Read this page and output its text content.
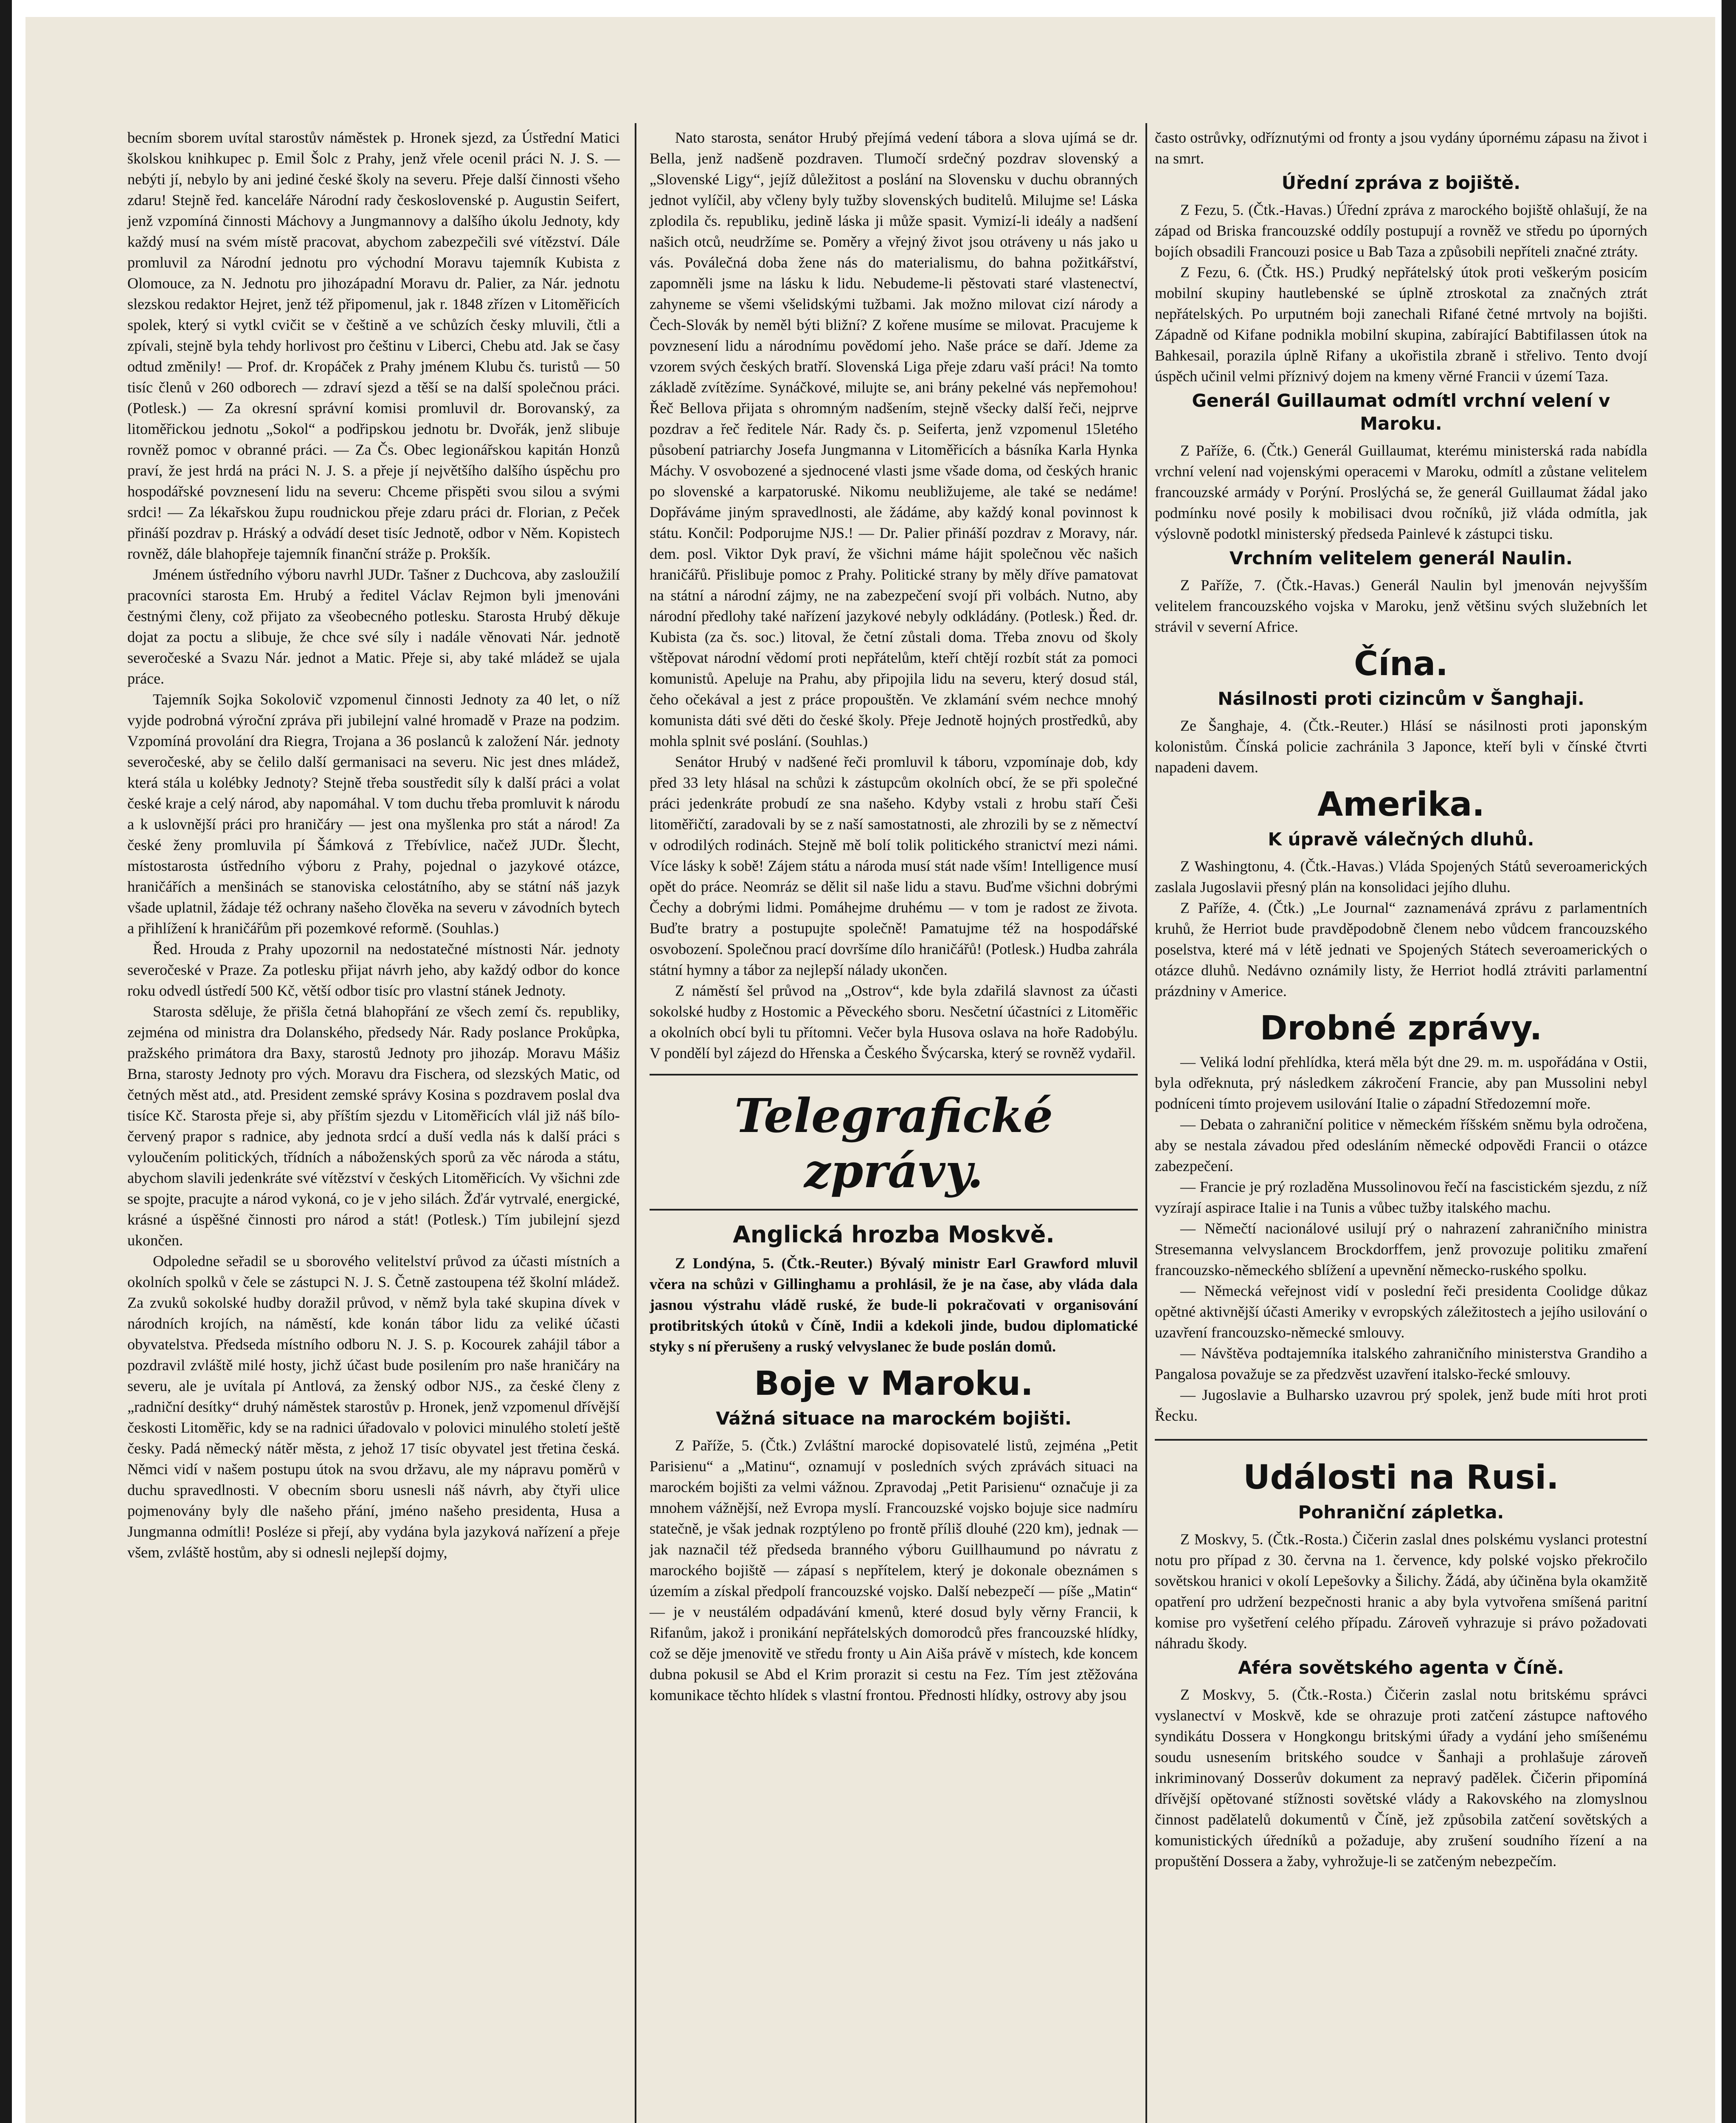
becním sborem uvítal starostův náměstek p. Hronek sjezd, za Ústřední Matici školskou knihkupec p. Emil Šolc z Prahy, jenž vřele ocenil práci N. J. S. — nebýti jí, nebylo by ani jediné české školy na severu. Přeje další činnosti všeho zdaru! Stejně řed. kanceláře Národní rady československé p. Augustin Seifert, jenž vzpomíná činnosti Máchovy a Jungmannovy a dalšího úkolu Jednoty, kdy každý musí na svém místě pracovat, abychom zabezpečili své vítězství. Dále promluvil za Národní jednotu pro východní Moravu tajemník Kubista z Olomouce, za N. Jednotu pro jihozápadní Moravu dr. Palier, za Nár. jednotu slezskou redaktor Hejret, jenž též připomenul, jak r. 1848 zřízen v Litoměřicích spolek, který si vytkl cvičit se v češtině a ve schůzích česky mluvili, čtli a zpívali, stejně byla tehdy horlivost pro češtinu v Liberci, Chebu atd. Jak se časy odtud změnily! — Prof. dr. Kropáček z Prahy jménem Klubu čs. turistů — 50 tisíc členů v 260 odborech — zdraví sjezd a těší se na další společnou práci. (Potlesk.) — Za okresní správní komisi promluvil dr. Borovanský, za litoměřickou jednotu „Sokol“ a podřipskou jednotu br. Dvořák, jenž slibuje rovněž pomoc v obranné práci. — Za Čs. Obec legionářskou kapitán Honzů praví, že jest hrdá na práci N. J. S. a přeje jí největšího dalšího úspěchu pro hospodářské povznesení lidu na severu: Chceme přispěti svou silou a svými srdci! — Za lékařskou župu roudnickou přeje zdaru práci dr. Florian, z Peček přináší pozdrav p. Hráský a odvádí deset tisíc Jednotě, odbor v Něm. Kopistech rovněž, dále blahopřeje tajemník finanční stráže p. Prokšík.

Jménem ústředního výboru navrhl JUDr. Tašner z Duchcova, aby zasloužilí pracovníci starosta Em. Hrubý a ředitel Václav Rejmon byli jmenováni čestnými členy, což přijato za všeobecného potlesku. Starosta Hrubý děkuje dojat za poctu a slibuje, že chce své síly i nadále věnovati Nár. jednotě severočeské a Svazu Nár. jednot a Matic. Přeje si, aby také mládež se ujala práce.

Tajemník Sojka Sokolovič vzpomenul činnosti Jednoty za 40 let, o níž vyjde podrobná výroční zpráva při jubilejní valné hromadě v Praze na podzim. Vzpomíná provolání dra Riegra, Trojana a 36 poslanců k založení Nár. jednoty severočeské, aby se čelilo další germanisaci na severu. Nic jest dnes mládež, která stála u kolébky Jednoty? Stejně třeba soustředit síly k další práci a volat české kraje a celý národ, aby napomáhal. V tom duchu třeba promluvit k národu a k uslovnější práci pro hraničáry — jest ona myšlenka pro stát a národ! Za české ženy promluvila pí Šámková z Třebívlice, načež JUDr. Šlecht, místostarosta ústředního výboru z Prahy, pojednal o jazykové otázce, hraničářích a menšinách se stanoviska celostátního, aby se státní náš jazyk všade uplatnil, žádaje též ochrany našeho člověka na severu v závodních bytech a přihlížení k hraničářům při pozemkové reformě. (Souhlas.)

Řed. Hrouda z Prahy upozornil na nedostatečné místnosti Nár. jednoty severočeské v Praze. Za potlesku přijat návrh jeho, aby každý odbor do konce roku odvedl ústředí 500 Kč, větší odbor tisíc pro vlastní stánek Jednoty.

Starosta sděluje, že přišla četná blahopřání ze všech zemí čs. republiky, zejména od ministra dra Dolanského, předsedy Nár. Rady poslance Prokůpka, pražského primátora dra Baxy, starostů Jednoty pro jihozáp. Moravu Mášiz Brna, starosty Jednoty pro vých. Moravu dra Fischera, od slezských Matic, od četných měst atd., atd. President zemské správy Kosina s pozdravem poslal dva tisíce Kč. Starosta přeje si, aby příštím sjezdu v Litoměřicích vlál již náš bílo-červený prapor s radnice, aby jednota srdcí a duší vedla nás k další práci s vyloučením politických, třídních a náboženských sporů za věc národa a státu, abychom slavili jedenkráte své vítězství v českých Litoměřicích. Vy všichni zde se spojte, pracujte a národ vykoná, co je v jeho silách. Žďár vytrvalé, energické, krásné a úspěšné činnosti pro národ a stát! (Potlesk.) Tím jubilejní sjezd ukončen.

Odpoledne seřadil se u sborového velitelství průvod za účasti místních a okolních spolků v čele se zástupci N. J. S. Četně zastoupena též školní mládež. Za zvuků sokolské hudby doražil průvod, v němž byla také skupina dívek v národních krojích, na náměstí, kde konán tábor lidu za veliké účasti obyvatelstva. Předseda místního odboru N. J. S. p. Kocourek zahájil tábor a pozdravil zvláště milé hosty, jichž účast bude posilením pro naše hraničáry na severu, ale je uvítala pí Antlová, za ženský odbor NJS., za české členy z „radniční desítky“ druhý náměstek starostův p. Hronek, jenž vzpomenul dřívější českosti Litoměřic, kdy se na radnici úřadovalo v polovici minulého století ještě česky. Padá německý nátěr města, z jehož 17 tisíc obyvatel jest třetina česká. Němci vidí v našem postupu útok na svou državu, ale my nápravu poměrů v duchu spravedlnosti. V obecním sboru usnesli náš návrh, aby čtyři ulice pojmenovány byly dle našeho přání, jméno našeho presidenta, Husa a Jungmanna odmítli! Posléze si přejí, aby vydána byla jazyková nařízení a přeje všem, zvláště hostům, aby si odnesli nejlepší dojmy,

Nato starosta, senátor Hrubý přejímá vedení tábora a slova ujímá se dr. Bella, jenž nadšeně pozdraven. Tlumočí srdečný pozdrav slovenský a „Slovenské Ligy“, jejíž důležitost a poslání na Slovensku v duchu obranných jednot vylíčil, aby včleny byly tužby slovenských buditelů. Milujme se! Láska zplodila čs. republiku, jedině láska ji může spasit. Vymizí-li ideály a nadšení našich otců, neudržíme se. Poměry a vřejný život jsou otráveny u nás jako u vás. Poválečná doba žene nás do materialismu, do bahna požitkářství, zapomněli jsme na lásku k lidu. Nebudeme-li pěstovati staré vlastenectví, zahyneme se všemi všelidskými tužbami. Jak možno milovat cizí národy a Čech-Slovák by neměl býti bližní? Z kořene musíme se milovat. Pracujeme k povznesení lidu a národnímu povědomí jeho. Naše práce se daří. Jdeme za vzorem svých českých bratří. Slovenská Liga přeje zdaru vaší práci! Na tomto základě zvítězíme. Synáčkové, milujte se, ani brány pekelné vás nepřemohou! Řeč Bellova přijata s ohromným nadšením, stejně všecky další řeči, nejprve pozdrav a řeč ředitele Nár. Rady čs. p. Seiferta, jenž vzpomenul 15letého působení patriarchy Josefa Jungmanna v Litoměřicích a básníka Karla Hynka Máchy. V osvobozené a sjednocené vlasti jsme všade doma, od českých hranic po slovenské a karpatoruské. Nikomu neubližujeme, ale také se nedáme! Dopřáváme jiným spravedlnosti, ale žádáme, aby každý konal povinnost k státu. Končil: Podporujme NJS.! — Dr. Palier přináší pozdrav z Moravy, nár. dem. posl. Viktor Dyk praví, že všichni máme hájit společnou věc našich hraničářů. Přislibuje pomoc z Prahy. Politické strany by měly dříve pamatovat na státní a národní zájmy, ne na zabezpečení svojí při volbách. Nutno, aby národní předlohy také nařízení jazykové nebyly odkládány. (Potlesk.) Řed. dr. Kubista (za čs. soc.) litoval, že četní zůstali doma. Třeba znovu od školy vštěpovat národní vědomí proti nepřátelům, kteří chtějí rozbít stát za pomoci komunistů. Apeluje na Prahu, aby připojila lidu na severu, který dosud stál, čeho očekával a jest z práce propouštěn. Ve zklamání svém nechce mnohý komunista dáti své děti do české školy. Přeje Jednotě hojných prostředků, aby mohla splnit své poslání. (Souhlas.)

Senátor Hrubý v nadšené řeči promluvil k táboru, vzpomínaje dob, kdy před 33 lety hlásal na schůzi k zástupcům okolních obcí, že se při společné práci jedenkráte probudí ze sna našeho. Kdyby vstali z hrobu staří Češi litoměřičtí, zaradovali by se z naší samostatnosti, ale zhrozili by se z němectví v odrodilých rodinách. Stejně mě bolí tolik politického stranictví mezi námi. Více lásky k sobě! Zájem státu a národa musí stát nade vším! Intelligence musí opět do práce. Neomráz se dělit sil naše lidu a stavu. Buďme všichni dobrými Čechy a dobrými lidmi. Pomáhejme druhému — v tom je radost ze života. Buďte bratry a postupujte společně! Pamatujme též na hospodářské osvobození. Společnou prací dovršíme dílo hraničářů! (Potlesk.) Hudba zahrála státní hymny a tábor za nejlepší nálady ukončen.

Z náměstí šel průvod na „Ostrov“, kde byla zdařilá slavnost za účasti sokolské hudby z Hostomic a Pěveckého sboru. Nesčetní účastníci z Litoměřic a okolních obcí byli tu přítomni. Večer byla Husova oslava na hoře Radobýlu. V pondělí byl zájezd do Hřenska a Českého Švýcarska, který se rovněž vydařil.

Telegrafické zprávy.
Anglická hrozba Moskvě.

Z Londýna, 5. (Čtk.-Reuter.) Bývalý ministr Earl Grawford mluvil včera na schůzi v Gillinghamu a prohlásil, že je na čase, aby vláda dala jasnou výstrahu vládě ruské, že bude-li pokračovati v organisování protibritských útoků v Číně, Indii a kdekoli jinde, budou diplomatické styky s ní přerušeny a ruský velvyslanec že bude poslán domů.

Boje v Maroku.
Vážná situace na marockém bojišti.

Z Paříže, 5. (Čtk.) Zvláštní marocké dopisovatelé listů, zejména „Petit Parisienu“ a „Matinu“, oznamují v posledních svých zprávách situaci na marockém bojišti za velmi vážnou. Zpravodaj „Petit Parisienu“ označuje ji za mnohem vážnější, než Evropa myslí. Francouzské vojsko bojuje sice nadmíru statečně, je však jednak rozptýleno po frontě příliš dlouhé (220 km), jednak — jak naznačil též předseda branného výboru Guillhaumund po návratu z marockého bojiště — zápasí s nepřítelem, který je dokonale obeznámen s územím a získal předpolí francouzské vojsko. Další nebezpečí — píše „Matin“ — je v neustálém odpadávání kmenů, které dosud byly věrny Francii, k Rifanům, jakož i pronikání nepřátelských domorodců přes francouzské hlídky, což se děje jmenovitě ve středu fronty u Ain Aiša právě v místech, kde koncem dubna pokusil se Abd el Krim prorazit si cestu na Fez. Tím jest ztěžována komunikace těchto hlídek s vlastní frontou. Přednosti hlídky, ostrovy aby jsou

často ostrůvky, odříznutými od fronty a jsou vydány úpornému zápasu na život i na smrt.

Úřední zpráva z bojiště.

Z Fezu, 5. (Čtk.-Havas.) Úřední zpráva z marockého bojiště ohlašují, že na západ od Briska francouzské oddíly postupují a rovněž ve středu po úporných bojích obsadili Francouzi posice u Bab Taza a způsobili nepříteli značné ztráty.

Z Fezu, 6. (Čtk. HS.) Prudký nepřátelský útok proti veškerým posicím mobilní skupiny hautlebenské se úplně ztroskotal za značných ztrát nepřátelských. Po urputném boji zanechali Rifané četné mrtvoly na bojišti. Západně od Kifane podnikla mobilní skupina, zabírající Babtifilassen útok na Bahkesail, porazila úplně Rifany a ukořistila zbraně i střelivo. Tento dvojí úspěch učinil velmi příznivý dojem na kmeny věrné Francii v území Taza.

Generál Guillaumat odmítl vrchní velení v Maroku.

Z Paříže, 6. (Čtk.) Generál Guillaumat, kterému ministerská rada nabídla vrchní velení nad vojenskými operacemi v Maroku, odmítl a zůstane velitelem francouzské armády v Porýní. Proslýchá se, že generál Guillaumat žádal jako podmínku nové posily k mobilisaci dvou ročníků, již vláda odmítla, jak výslovně podotkl ministerský předseda Painlevé k zástupci tisku.

Vrchním velitelem generál Naulin.

Z Paříže, 7. (Čtk.-Havas.) Generál Naulin byl jmenován nejvyšším velitelem francouzského vojska v Maroku, jenž většinu svých služebních let strávil v severní Africe.

Čína.
Násilnosti proti cizincům v Šanghaji.

Ze Šanghaje, 4. (Čtk.-Reuter.) Hlásí se násilnosti proti japonským kolonistům. Čínská policie zachránila 3 Japonce, kteří byli v čínské čtvrti napadeni davem.

Amerika.
K úpravě válečných dluhů.

Z Washingtonu, 4. (Čtk.-Havas.) Vláda Spojených Států severoamerických zaslala Jugoslavii přesný plán na konsolidaci jejího dluhu.

Z Paříže, 4. (Čtk.) „Le Journal“ zaznamenává zprávu z parlamentních kruhů, že Herriot bude pravděpodobně členem nebo vůdcem francouzského poselstva, které má v létě jednati ve Spojených Státech severoamerických o otázce dluhů. Nedávno oznámily listy, že Herriot hodlá ztráviti parlamentní prázdniny v Americe.

Drobné zprávy.

— Veliká lodní přehlídka, která měla být dne 29. m. m. uspořádána v Ostii, byla odřeknuta, prý následkem zákročení Francie, aby pan Mussolini nebyl podníceni tímto projevem usilování Italie o západní Středozemní moře.

— Debata o zahraniční politice v německém říšském sněmu byla odročena, aby se nestala závadou před odesláním německé odpovědi Francii o otázce zabezpečení.

— Francie je prý rozladěna Mussolinovou řečí na fascistickém sjezdu, z níž vyzírají aspirace Italie i na Tunis a vůbec tužby italského machu.

— Němečtí nacionálové usilují prý o nahrazení zahraničního ministra Stresemanna velvyslancem Brockdorffem, jenž provozuje politiku zmaření francouzsko-německého sblížení a upevnění německo-ruského spolku.

— Německá veřejnost vidí v poslední řeči presidenta Coolidge důkaz opětné aktivnější účasti Ameriky v evropských záležitostech a jejího usilování o uzavření francouzsko-německé smlouvy.

— Návštěva podtajemníka italského zahraničního ministerstva Grandiho a Pangalosa považuje se za předzvěst uzavření italsko-řecké smlouvy.

— Jugoslavie a Bulharsko uzavrou prý spolek, jenž bude míti hrot proti Řecku.

Události na Rusi.
Pohraniční zápletka.

Z Moskvy, 5. (Čtk.-Rosta.) Čičerin zaslal dnes polskému vyslanci protestní notu pro případ z 30. června na 1. července, kdy polské vojsko překročilo sovětskou hranici v okolí Lepešovky a Šilichy. Žádá, aby účiněna byla okamžitě opatření pro udržení bezpečnosti hranic a aby byla vytvořena smíšená paritní komise pro vyšetření celého případu. Zároveň vyhrazuje si právo požadovati náhradu škody.

Aféra sovětského agenta v Číně.

Z Moskvy, 5. (Čtk.-Rosta.) Čičerin zaslal notu britskému správci vyslanectví v Moskvě, kde se ohrazuje proti zatčení zástupce naftového syndikátu Dossera v Hongkongu britskými úřady a vydání jeho smíšenému soudu usnesením britského soudce v Šanhaji a prohlašuje zároveň inkriminovaný Dosserův dokument za nepravý padělek. Čičerin připomíná dřívější opětované stížnosti sovětské vlády a Rakovského na zlomyslnou činnost padělatelů dokumentů v Číně, jež způsobila zatčení sovětských a komunistických úředníků a požaduje, aby zrušení soudního řízení a na propuštění Dossera a žaby, vyhrožuje-li se zatčeným nebezpečím.
